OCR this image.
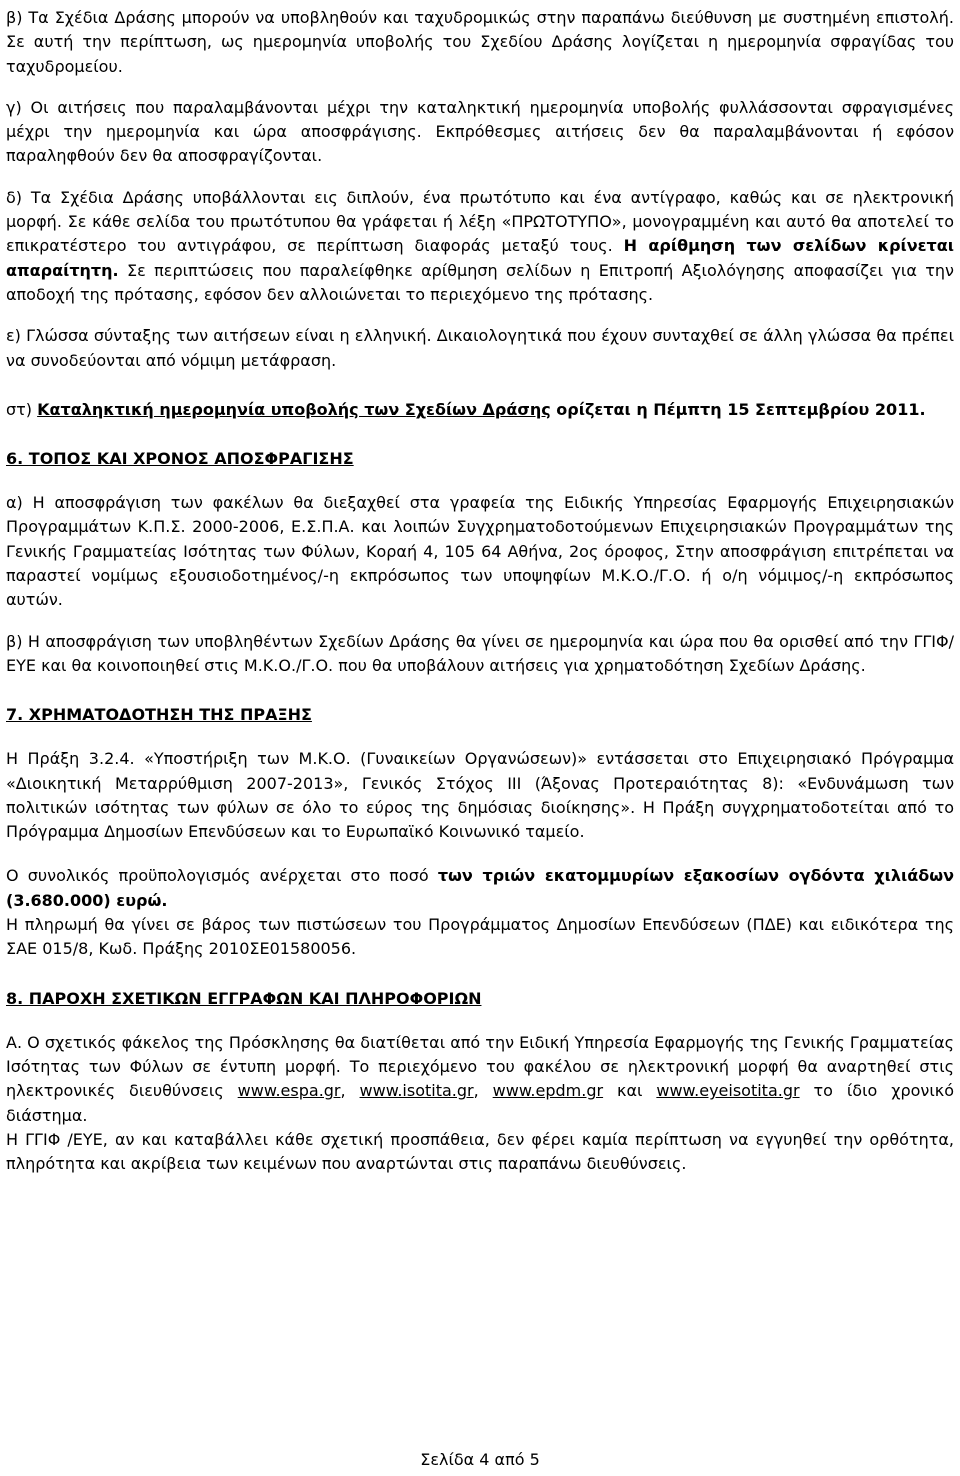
β) Τα Σχέδια Δράσης μπορούν να υποβληθούν και ταχυδρομικώς στην παραπάνω διεύθυνση με συστημένη επιστολή. Σε αυτή την περίπτωση, ως ημερομηνία υποβολής του Σχεδίου Δράσης λογίζεται η ημερομηνία σφραγίδας του ταχυδρομείου.

γ) Οι αιτήσεις που παραλαμβάνονται μέχρι την καταληκτική ημερομηνία υποβολής φυλλάσσονται σφραγισμένες μέχρι την ημερομηνία και ώρα αποσφράγισης. Εκπρόθεσμες αιτήσεις δεν θα παραλαμβάνονται ή εφόσον παραληφθούν δεν θα αποσφραγίζονται.

δ) Τα Σχέδια Δράσης υποβάλλονται εις διπλούν, ένα πρωτότυπο και ένα αντίγραφο, καθώς και σε ηλεκτρονική μορφή. Σε κάθε σελίδα του πρωτότυπου θα γράφεται ή λέξη «ΠΡΩΤΟΤΥΠΟ», μονογραμμένη και αυτό θα αποτελεί το επικρατέστερο του αντιγράφου, σε περίπτωση διαφοράς μεταξύ τους. Η αρίθμηση των σελίδων κρίνεται απαραίτητη. Σε περιπτώσεις που παραλείφθηκε αρίθμηση σελίδων η Επιτροπή Αξιολόγησης αποφασίζει για την αποδοχή της πρότασης, εφόσον δεν αλλοιώνεται το περιεχόμενο της πρότασης.

ε) Γλώσσα σύνταξης των αιτήσεων είναι η ελληνική. Δικαιολογητικά που έχουν συνταχθεί σε άλλη γλώσσα θα πρέπει να συνοδεύονται από νόμιμη μετάφραση.

στ) Καταληκτική ημερομηνία υποβολής των Σχεδίων Δράσης ορίζεται η Πέμπτη 15 Σεπτεμβρίου 2011.

6. ΤΟΠΟΣ ΚΑΙ ΧΡΟΝΟΣ ΑΠΟΣΦΡΑΓΙΣΗΣ

α) Η αποσφράγιση των φακέλων θα διεξαχθεί στα γραφεία της Ειδικής Υπηρεσίας Εφαρμογής Επιχειρησιακών Προγραμμάτων Κ.Π.Σ. 2000-2006, Ε.Σ.Π.Α. και λοιπών Συγχρηματοδοτούμενων Επιχειρησιακών Προγραμμάτων της Γενικής Γραμματείας Ισότητας των Φύλων, Κοραή 4, 105 64 Αθήνα, 2ος όροφος, Στην αποσφράγιση επιτρέπεται να παραστεί νομίμως εξουσιοδοτημένος/-η εκπρόσωπος των υποψηφίων Μ.Κ.Ο./Γ.Ο. ή ο/η νόμιμος/-η εκπρόσωπος αυτών.

β) Η αποσφράγιση των υποβληθέντων Σχεδίων Δράσης θα γίνει σε ημερομηνία και ώρα που θα ορισθεί από την ΓΓΙΦ/ΕΥΕ και θα κοινοποιηθεί στις Μ.Κ.Ο./Γ.Ο. που θα υποβάλουν αιτήσεις για χρηματοδότηση Σχεδίων Δράσης.

7. ΧΡΗΜΑΤΟΔΟΤΗΣΗ ΤΗΣ ΠΡΑΞΗΣ

Η Πράξη 3.2.4. «Υποστήριξη των Μ.Κ.Ο. (Γυναικείων Οργανώσεων)» εντάσσεται στο Επιχειρησιακό Πρόγραμμα «Διοικητική Μεταρρύθμιση 2007-2013», Γενικός Στόχος ΙΙΙ (Άξονας Προτεραιότητας 8): «Ενδυνάμωση των πολιτικών ισότητας των φύλων σε όλο το εύρος της δημόσιας διοίκησης». Η Πράξη συγχρηματοδοτείται από το Πρόγραμμα Δημοσίων Επενδύσεων και το Ευρωπαϊκό Κοινωνικό ταμείο.

Ο συνολικός προϋπολογισμός ανέρχεται στο ποσό των τριών εκατομμυρίων εξακοσίων ογδόντα χιλιάδων (3.680.000) ευρώ.

Η πληρωμή θα γίνει σε βάρος των πιστώσεων του Προγράμματος Δημοσίων Επενδύσεων (ΠΔΕ) και ειδικότερα της ΣΑΕ 015/8, Κωδ. Πράξης 2010ΣΕ01580056.

8. ΠΑΡΟΧΗ ΣΧΕΤΙΚΩΝ ΕΓΓΡΑΦΩΝ ΚΑΙ ΠΛΗΡΟΦΟΡΙΩΝ

Α. Ο σχετικός φάκελος της Πρόσκλησης θα διατίθεται από την Ειδική Υπηρεσία Εφαρμογής της Γενικής Γραμματείας Ισότητας των Φύλων σε έντυπη μορφή. Το περιεχόμενο του φακέλου σε ηλεκτρονική μορφή θα αναρτηθεί στις ηλεκτρονικές διευθύνσεις www.espa.gr, www.isotita.gr, www.epdm.gr και www.eyeisotita.gr το ίδιο χρονικό διάστημα.

Η ΓΓΙΦ /ΕΥΕ, αν και καταβάλλει κάθε σχετική προσπάθεια, δεν φέρει καμία περίπτωση να εγγυηθεί την ορθότητα, πληρότητα και ακρίβεια των κειμένων που αναρτώνται στις παραπάνω διευθύνσεις.

Σελίδα 4 από 5
